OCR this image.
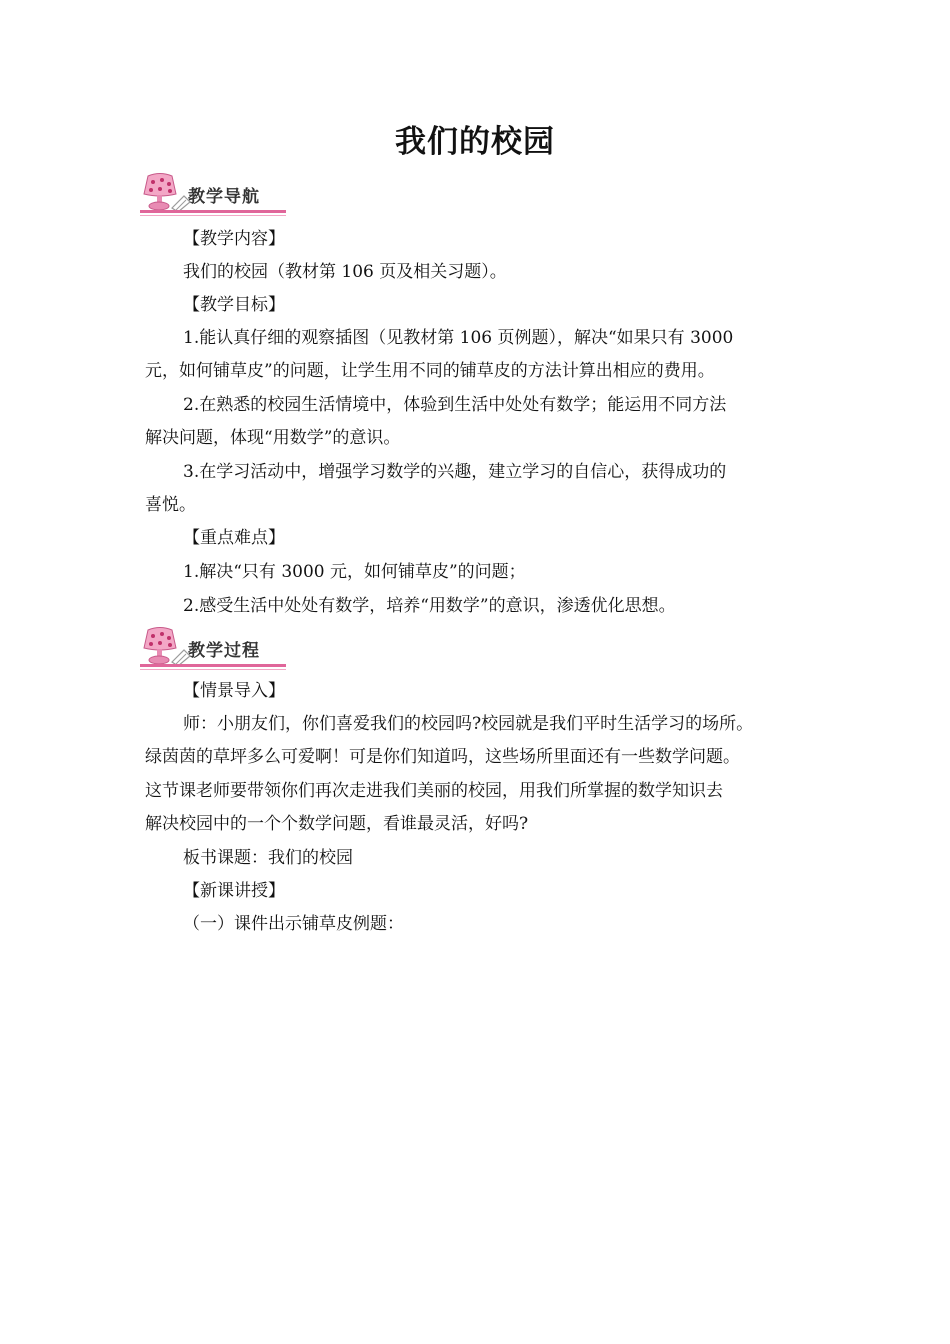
我们的校园
教学导航
【教学内容】
我们的校园（教材第 106 页及相关习题）。
【教学目标】
1.能认真仔细的观察插图（见教材第 106 页例题），解决“如果只有 3000
元，如何铺草皮”的问题，让学生用不同的铺草皮的方法计算出相应的费用。
2.在熟悉的校园生活情境中，体验到生活中处处有数学；能运用不同方法
解决问题，体现“用数学”的意识。
3.在学习活动中，增强学习数学的兴趣，建立学习的自信心，获得成功的
喜悦。
【重点难点】
1.解决“只有 3000 元，如何铺草皮”的问题；
2.感受生活中处处有数学，培养“用数学”的意识，渗透优化思想。
教学过程
【情景导入】
师：小朋友们，你们喜爱我们的校园吗?校园就是我们平时生活学习的场所。
绿茵茵的草坪多么可爱啊！可是你们知道吗，这些场所里面还有一些数学问题。
这节课老师要带领你们再次走进我们美丽的校园，用我们所掌握的数学知识去
解决校园中的一个个数学问题，看谁最灵活，好吗?
板书课题：我们的校园
【新课讲授】
（一）课件出示铺草皮例题：
